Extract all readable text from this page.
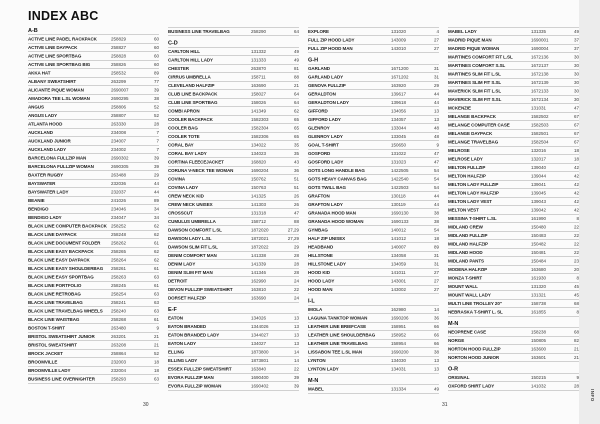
INDEX ABC
A-B
ACTIVE LINE PADEL RACKPACK	258829	60
ACTIVE LINE DAYPACK	258827	60
ACTIVE LINE SPORTBAG	258828	60
ACTIVE LINE SPORTBAG BIG	258826	60
AKKA HAT	258532	89
ALBANY SWEATSHIRT	263299	77
ALICANTE PIQUE WOMAN	2690007	39
AMADORA TEE L.SL WOMAN	2690295	38
ANGUS	258806	52
ANGUS LADY	258807	52
ATLANTA HOOD	263330	28
AUCKLAND	234008	7
AUCKLAND JUNIOR	234007	7
AUCKLAND LADY	234002	7
BARCELONA FULLZIP MAN	2690302	39
BARCELONA FULLZIP WOMAN	2690305	39
BAXTER RUGBY	263488	29
BAYSWATER	232036	44
BAYSWATER LADY	232037	44
BEANIE	241026	89
BENDIGO	234046	34
BENDIGO LADY	234047	34
BLACK LINE COMPUTER BACKPACK 258252	62
BLACK LINE DAYPACK	258248	62
BLACK LINE DOCUMENT FOLDER	258262	61
BLACK LINE EASY BACKPACK	258265	62
BLACK LINE EASY DAYPACK	258264	62
BLACK LINE EASY SHOULDERBAG 258261	61
BLACK LINE EASY SPORTBAG	258263	63
BLACK LINE PORTFOLIO	258245	61
BLACK LINE RETROBAG	258254	63
BLACK LINE TRAVELBAG	258241	63
BLACK LINE TRAVELBAG WHEELS 258240	63
BLACK LINE WAISTBAG	258268	61
BOSTON T-SHIRT	263480	9
BRISTOL SWEATSHIRT JUNIOR	263201	21
BRISTOL SWEATSHIRT	263208	21
BROCK JACKET	258864	52
BROOMVILLE	232003	18
BROOMVILLE LADY	232004	18
BUSINESS LINE OVERNIGHTER	258293	63
BUSINESS LINE TRAVELBAG	258290	64
C-D
CARLTON HILL	131332	49
CARLTON HILL LADY	131333	49
CHESTER	263870	81
CIRRUS UMBRELLA	158711	88
CLEVELAND HALFZIP	163690	21
CLUB LINE BACKPACK	158027	64
CLUB LINE SPORTBAG	158026	64
COMBI APRON	141349	62
COOLER BACKPACK	1582303	65
COOLER BAG	1582304	65
COOLER TOTE	1582306	65
CORAL BAY	134022	35
CORAL BAY LADY	134023	35
CORTINA FLEECEJACKET	168820	43
CORUNA V-NECK TEE WOMAN	1690204	36
COVINA	150762	51
COVINA LADY	150763	51
CREW NECK KID	141325	26
CREW NECK UNISEX	141303	26
CROSSCUT	131318	47
CUMULUS UMBRELLA	158712	88
DAWSON COMFORT L.SL	1872020	27,29
DAWSON LADY L.SL	1872021	27,29
DAWSON SLIM FIT L.SL	1872022	29
DENIM COMFORT MAN	141338	28
DENIM LADY	141339	28
DENIM SLIM FIT MAN	141346	28
DETROIT	162990	24
DEVON FULLZIP SWEATSHIRT	163810	22
DORSET HALFZIP	163690	24
E-F
EATON	134026	13
EATON BRANDED	1344026	13
EATON BRANDED LADY	1344027	13
EATON LADY	134027	13
ELLING	1873800	14
ELLING LADY	1873801	14
ESSEX FULLZIP SWEATSHIRT	163840	22
EVORA FULLZIP MAN	1690400	39
EVORA FULLZIP WOMAN	1690402	39
EXPLORE	131020	4
FULL ZIP HOOD LADY	143009	27
FULL ZIP HOOD MAN	143010	27
G-H
GARLAND	1671200	31
GARLAND LADY	1671202	31
GENOVA FULLZIP	163920	29
GERALDTON	139617	44
GERALDTON LADY	139618	44
GIFFORD	134056	13
GIFFORD LADY	134057	13
GLENROY	133044	48
GLENROY LADY	133045	48
GOAL T-SHIRT	150650	9
GOSFORD	131022	47
GOSFORD LADY	131023	47
GOTS LONG HANDLE BAG	1422505	54
GOTS HEAVY CANVAS BAG	1422540	54
GOTS TWILL BAG	1422503	54
GRAFTON	130118	44
GRAFTON LADY	130119	44
GRANADA HOOD MAN	1690130	38
GRANADA HOOD WOMAN	1690133	38
GYMBAG	140012	54
HALF ZIP UNISEX	141012	18
HEADBAND	140007	89
HILLSTONE	134058	31
HILLSTONE LADY	134059	31
HOOD KID	141011	27
HOOD LADY	143001	27
HOOD MAN	143002	27
I-L
IMOLA	162980	14
LAGUNA TANKTOP WOMAN	1690206	36
LEATHER LINE BRIEFCASE	158951	66
LEATHER LINE SHOULDERBAG	158952	66
LEATHER LINE TRAVELBAG	158954	66
LISSABON TEE L.SL MAN	1690200	38
LYNTON	134030	13
LYNTON LADY	134031	13
M-N
MABEL	131334	49
MABEL LADY	131335	49
MADRID PIQUE MAN	1690001	37
MADRID PIQUE WOMAN	1690004	37
MARTINES COMFORT FIT L.SL	1672136	30
MARTINES COMFORT S.SL	1672137	30
MARTINES SLIM FIT L.SL	1672138	30
MARTINES SLIM FIT S.SL	1672139	30
MAVERICK SLIM FIT L.SL	1672133	30
MAVERICK SLIM FIT S.SL	1672134	30
MCKENZIE	131031	47
MELANGE BACKPACK	1582502	67
MELANGE COMPUTER CASE	1582503	67
MELANGE DAYPACK	1582501	67
MELANGE TRAVELBAG	1582504	67
MELROSE	132016	18
MELROSE LADY	132017	18
MELTON FULLZIP	139040	42
MELTON HALFZIP	139044	42
MELTON LADY FULLZIP	139041	42
MELTON LADY HALFZIP	139045	42
MELTON LADY VEST	139043	42
MELTON VEST	139042	42
MESSINA T-SHIRT L.SL	161990	8
MIDLAND CREW	150480	22
MIDLAND FULLZIP	150483	22
MIDLAND HALFZIP	150482	22
MIDLAND HOOD	150481	22
MIDLAND PANTS	150484	23
MODENA HALFZIP	163680	20
MONZA T-SHIRT	161930	8
MOUNT WALL	131320	45
MOUNT WALL LADY	131321	45
MULTI LINE TROLLEY 20"	158738	68
NEBRASKA T-SHIRT L. SL	161855	8
M-N
NEOPRENE CASE	158238	68
NORGE	150805	82
NORTON HOOD FULLZIP	163600	21
NORTON HOOD JUNIOR	163601	21
O-R
ORIGINAL	150215	9
OXFORD SHIRT LADY	141032	28
30	31
INFO
